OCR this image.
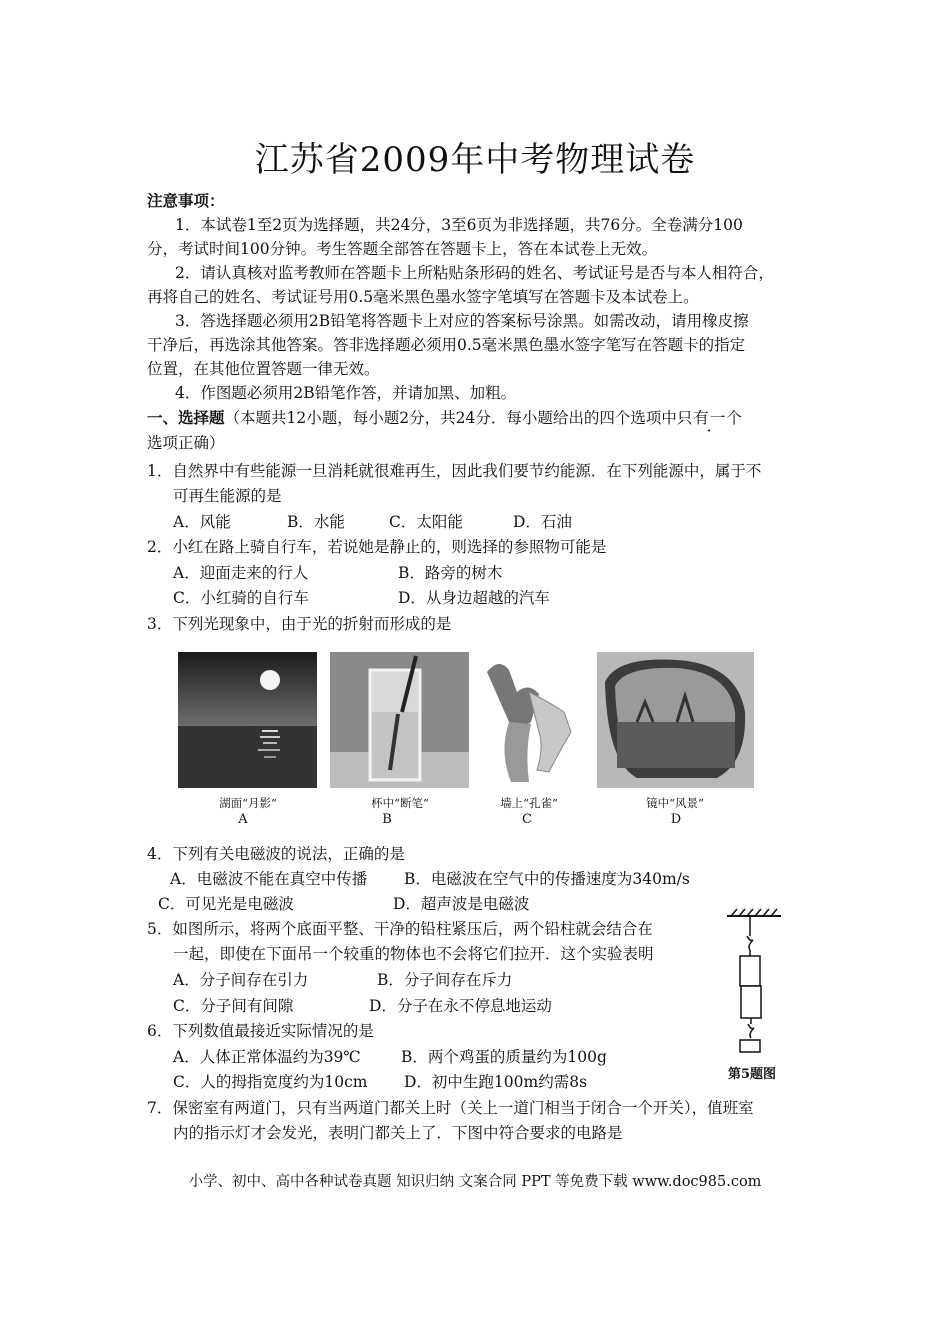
江苏省2009年中考物理试卷
注意事项：
1．本试卷1至2页为选择题，共24分，3至6页为非选择题，共76分。全卷满分100
分，考试时间100分钟。考生答题全部答在答题卡上，答在本试卷上无效。
2．请认真核对监考教师在答题卡上所粘贴条形码的姓名、考试证号是否与本人相符合，
再将自己的姓名、考试证号用0.5毫米黑色墨水签字笔填写在答题卡及本试卷上。
3．答选择题必须用2B铅笔将答题卡上对应的答案标号涂黑。如需改动，请用橡皮擦
干净后，再选涂其他答案。答非选择题必须用0.5毫米黑色墨水签字笔写在答题卡的指定
位置，在其他位置答题一律无效。
4．作图题必须用2B铅笔作答，并请加黑、加粗。
一、选择题（本题共12小题，每小题2分，共24分．每小题给出的四个选项中只有一个
选项正确）
1．自然界中有些能源一旦消耗就很难再生，因此我们要节约能源．在下列能源中，属于不
可再生能源的是
A．风能	B．水能	C．太阳能	D．石油
2．小红在路上骑自行车，若说她是静止的，则选择的参照物可能是
A．迎面走来的行人	B．路旁的树木
C．小红骑的自行车	D．从身边超越的汽车
3．下列光现象中，由于光的折射而形成的是
湖面“月影”	杯中“断笔”	墙上“孔雀”	镜中“风景”
A	B	C	D
4．下列有关电磁波的说法，正确的是
A．电磁波不能在真空中传播 B．电磁波在空气中的传播速度为340m/s
C．可见光是电磁波	D．超声波是电磁波
5．如图所示，将两个底面平整、干净的铅柱紧压后，两个铅柱就会结合在
一起，即使在下面吊一个较重的物体也不会将它们拉开．这个实验表明
A．分子间存在引力	B．分子间存在斥力
C．分子间有间隙	D．分子在永不停息地运动
第5题图
6．下列数值最接近实际情况的是
A．人体正常体温约为39℃	B．两个鸡蛋的质量约为100g
C．人的拇指宽度约为10cm D．初中生跑100m约需8s
7．保密室有两道门，只有当两道门都关上时（关上一道门相当于闭合一个开关），值班室
内的指示灯才会发光，表明门都关上了．下图中符合要求的电路是
小学、初中、高中各种试卷真题 知识归纳 文案合同 PPT 等免费下载 www.doc985.com
